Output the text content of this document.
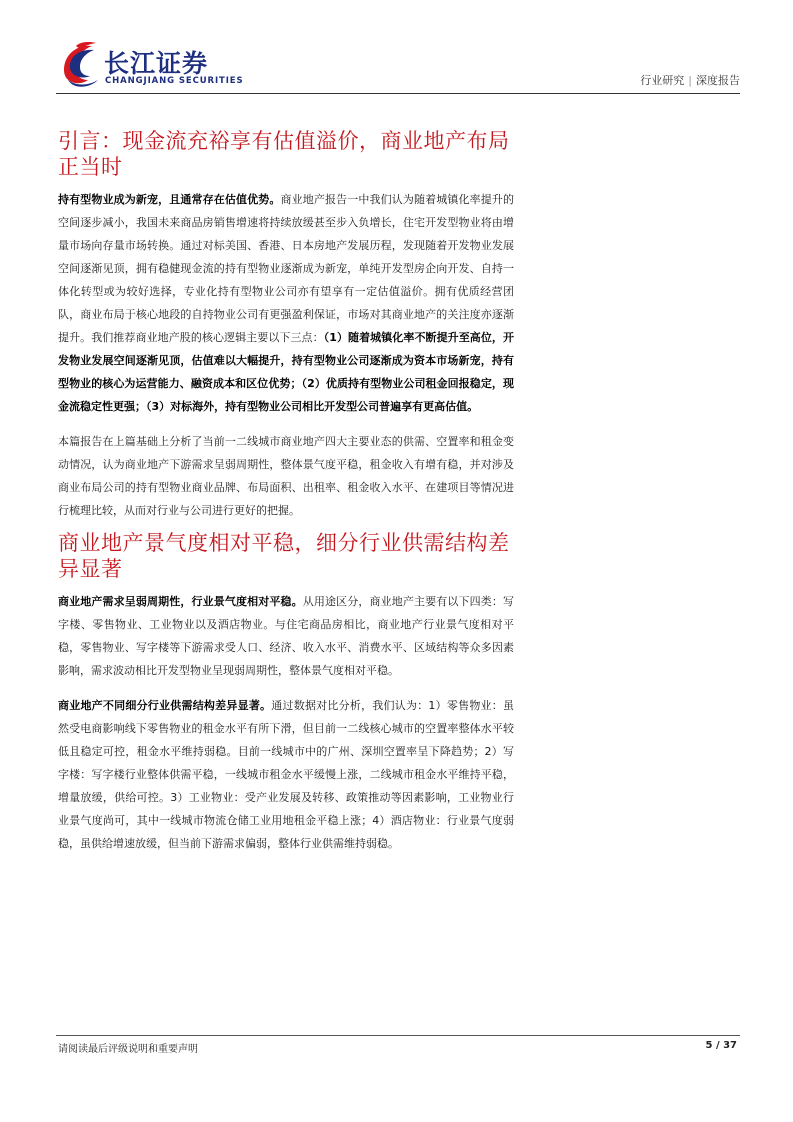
长江证券
CHANGJIANG SECURITIES	行业研究 | 深度报告
引言：现金流充裕享有估值溢价，商业地产布局正当时

持有型物业成为新宠，且通常存在估值优势。商业地产报告一中我们认为随着城镇化率提升的空间逐步减小，我国未来商品房销售增速将持续放缓甚至步入负增长，住宅开发型物业将由增量市场向存量市场转换。通过对标美国、香港、日本房地产发展历程，发现随着开发物业发展空间逐渐见顶，拥有稳健现金流的持有型物业逐渐成为新宠，单纯开发型房企向开发、自持一体化转型或为较好选择，专业化持有型物业公司亦有望享有一定估值溢价。拥有优质经营团队，商业布局于核心地段的自持物业公司有更强盈利保证，市场对其商业地产的关注度亦逐渐提升。我们推荐商业地产股的核心逻辑主要以下三点：（1）随着城镇化率不断提升至高位，开发物业发展空间逐渐见顶，估值难以大幅提升，持有型物业公司逐渐成为资本市场新宠，持有型物业的核心为运营能力、融资成本和区位优势；（2）优质持有型物业公司租金回报稳定，现金流稳定性更强；（3）对标海外，持有型物业公司相比开发型公司普遍享有更高估值。

本篇报告在上篇基础上分析了当前一二线城市商业地产四大主要业态的供需、空置率和租金变动情况，认为商业地产下游需求呈弱周期性，整体景气度平稳，租金收入有增有稳，并对涉及商业布局公司的持有型物业商业品牌、布局面积、出租率、租金收入水平、在建项目等情况进行梳理比较，从而对行业与公司进行更好的把握。

商业地产景气度相对平稳，细分行业供需结构差异显著

商业地产需求呈弱周期性，行业景气度相对平稳。从用途区分，商业地产主要有以下四类：写字楼、零售物业、工业物业以及酒店物业。与住宅商品房相比，商业地产行业景气度相对平稳，零售物业、写字楼等下游需求受人口、经济、收入水平、消费水平、区域结构等众多因素影响，需求波动相比开发型物业呈现弱周期性，整体景气度相对平稳。

商业地产不同细分行业供需结构差异显著。通过数据对比分析，我们认为：1）零售物业：虽然受电商影响线下零售物业的租金水平有所下滑，但目前一二线核心城市的空置率整体水平较低且稳定可控，租金水平维持弱稳。目前一线城市中的广州、深圳空置率呈下降趋势；2）写字楼：写字楼行业整体供需平稳，一线城市租金水平缓慢上涨，二线城市租金水平维持平稳，增量放缓，供给可控。3）工业物业：受产业发展及转移、政策推动等因素影响，工业物业行业景气度尚可，其中一线城市物流仓储工业用地租金平稳上涨；4）酒店物业：行业景气度弱稳，虽供给增速放缓，但当前下游需求偏弱，整体行业供需维持弱稳。

请阅读最后评级说明和重要声明	5 / 37
